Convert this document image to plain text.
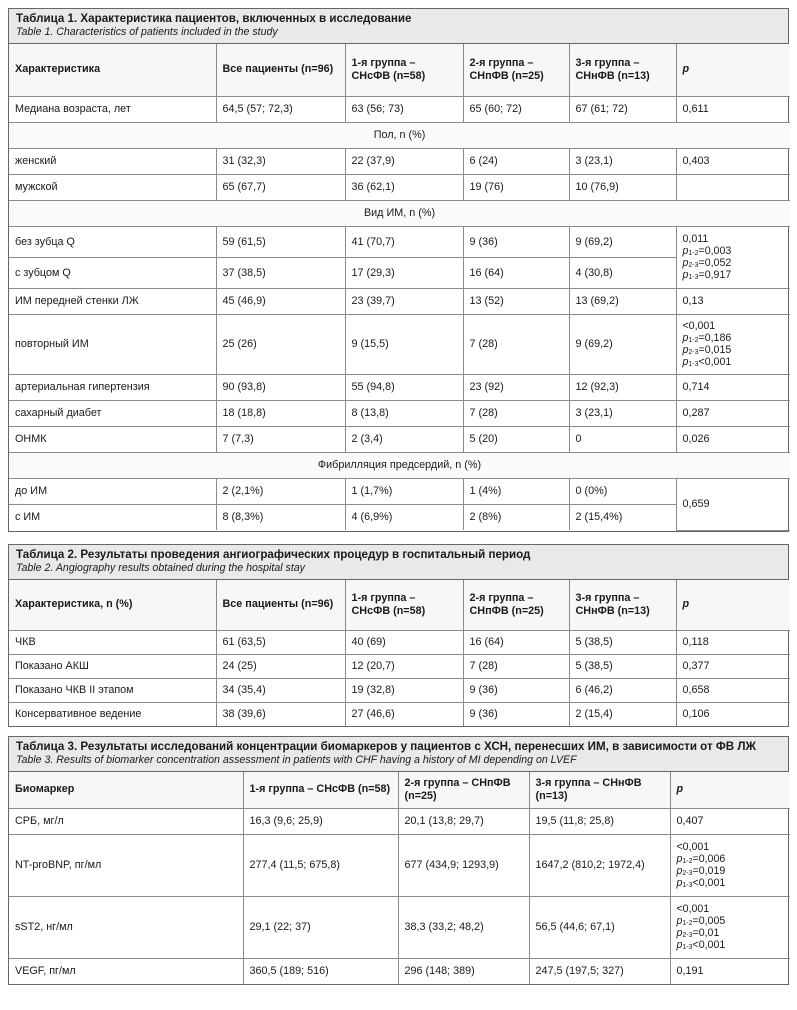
Таблица 1. Характеристика пациентов, включенных в исследование
Table 1. Characteristics of patients included in the study
Характеристика	Все пациенты (n=96)	1-я группа – СНсФВ (n=58)	2-я группа – СНпФВ (n=25)	3-я группа – СНнФВ (n=13)	p
Медиана возраста, лет	64,5 (57; 72,3)	63 (56; 73)	65 (60; 72)	67 (61; 72)	0,611
Пол, n (%)					
женский	31 (32,3)	22 (37,9)	6 (24)	3 (23,1)	0,403
мужской	65 (67,7)	36 (62,1)	19 (76)	10 (76,9)	
Вид ИМ, n (%)					
без зубца Q	59 (61,5)	41 (70,7)	9 (36)	9 (69,2)	0,011
$p_{1-2}=0,003$
$p_{2-3}=0,052$
$p_{1-3}=0,917$

с зубцом Q	37 (38,5)	17 (29,3)	16 (64)	4 (30,8)	
ИМ передней стенки ЛЖ	45 (46,9)	23 (39,7)	13 (52)	13 (69,2)	0,13
повторный ИМ	25 (26)	9 (15,5)	7 (28)	9 (69,2)	<0,001
$p_{1-2}=0,186$
$p_{2-3}=0,015$
$p_{1-3}<0,001$

артериальная гипертензия	90 (93,8)	55 (94,8)	23 (92)	12 (92,3)	0,714
сахарный диабет	18 (18,8)	8 (13,8)	7 (28)	3 (23,1)	0,287
ОНМК	7 (7,3)	2 (3,4)	5 (20)	0	0,026
Фибрилляция предсердий, n (%)					
до ИМ	2 (2,1%)	1 (1,7%)	1 (4%)	0 (0%)	0,659
с ИМ	8 (8,3%)	4 (6,9%)	2 (8%)	2 (15,4%)	
Таблица 2. Результаты проведения ангиографических процедур в госпитальный период
Table 2. Angiography results obtained during the hospital stay
Характеристика, n (%)	Все пациенты (n=96)	1-я группа – СНсФВ (n=58)	2-я группа – СНпФВ (n=25)	3-я группа – СНнФВ (n=13)	p
ЧКВ	61 (63,5)	40 (69)	16 (64)	5 (38,5)	0,118
Показано АКШ	24 (25)	12 (20,7)	7 (28)	5 (38,5)	0,377
Показано ЧКВ II этапом	34 (35,4)	19 (32,8)	9 (36)	6 (46,2)	0,658
Консервативное ведение	38 (39,6)	27 (46,6)	9 (36)	2 (15,4)	0,106
Таблица 3. Результаты исследований концентрации биомаркеров у пациентов с ХСН, перенесших ИМ, в зависимости от ФВ ЛЖ
Table 3. Results of biomarker concentration assessment in patients with CHF having a history of MI depending on LVEF
Биомаркер	1-я группа – СНсФВ (n=58)	2-я группа – СНпФВ (n=25)	3-я группа – СНнФВ (n=13)	p
СРБ, мг/л	16,3 (9,6; 25,9)	20,1 (13,8; 29,7)	19,5 (11,8; 25,8)	0,407
NT-proBNP, пг/мл	277,4 (11,5; 675,8)	677 (434,9; 1293,9)	1647,2 (810,2; 1972,4)	<0,001
$p_{1-2}=0,006$
$p_{2-3}=0,019$
$p_{1-3}<0,001$

sST2, нг/мл	29,1 (22; 37)	38,3 (33,2; 48,2)	56,5 (44,6; 67,1)	<0,001
$p_{1-2}=0,005$
$p_{2-3}=0,01$
$p_{1-3}<0,001$

VEGF, пг/мл	360,5 (189; 516)	296 (148; 389)	247,5 (197,5; 327)	0,191
